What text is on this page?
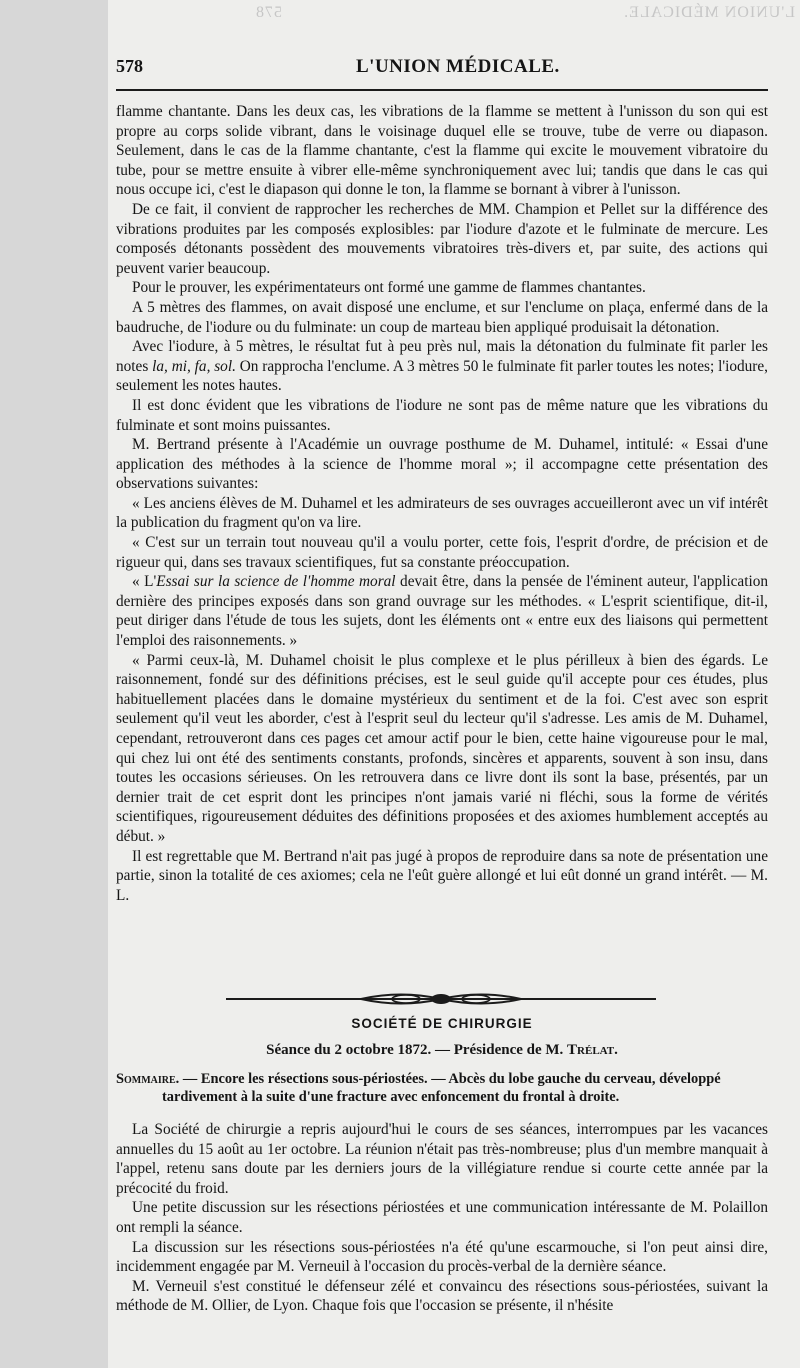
L'UNION MÉDICALE.
578
578	L'UNION MÉDICALE.

flamme chantante. Dans les deux cas, les vibrations de la flamme se mettent à l'unisson du son qui est propre au corps solide vibrant, dans le voisinage duquel elle se trouve, tube de verre ou diapason. Seulement, dans le cas de la flamme chantante, c'est la flamme qui excite le mouvement vibratoire du tube, pour se mettre ensuite à vibrer elle-même synchroniquement avec lui; tandis que dans le cas qui nous occupe ici, c'est le diapason qui donne le ton, la flamme se bornant à vibrer à l'unisson.

De ce fait, il convient de rapprocher les recherches de MM. Champion et Pellet sur la différence des vibrations produites par les composés explosibles: par l'iodure d'azote et le fulminate de mercure. Les composés détonants possèdent des mouvements vibratoires très-divers et, par suite, des actions qui peuvent varier beaucoup.

Pour le prouver, les expérimentateurs ont formé une gamme de flammes chantantes.

A 5 mètres des flammes, on avait disposé une enclume, et sur l'enclume on plaça, enfermé dans de la baudruche, de l'iodure ou du fulminate: un coup de marteau bien appliqué produisait la détonation.

Avec l'iodure, à 5 mètres, le résultat fut à peu près nul, mais la détonation du fulminate fit parler les notes la, mi, fa, sol. On rapprocha l'enclume. A 3 mètres 50 le fulminate fit parler toutes les notes; l'iodure, seulement les notes hautes.

Il est donc évident que les vibrations de l'iodure ne sont pas de même nature que les vibrations du fulminate et sont moins puissantes.

M. Bertrand présente à l'Académie un ouvrage posthume de M. Duhamel, intitulé: « Essai d'une application des méthodes à la science de l'homme moral »; il accompagne cette présentation des observations suivantes:

« Les anciens élèves de M. Duhamel et les admirateurs de ses ouvrages accueilleront avec un vif intérêt la publication du fragment qu'on va lire.

« C'est sur un terrain tout nouveau qu'il a voulu porter, cette fois, l'esprit d'ordre, de précision et de rigueur qui, dans ses travaux scientifiques, fut sa constante préoccupation.

« L'Essai sur la science de l'homme moral devait être, dans la pensée de l'éminent auteur, l'application dernière des principes exposés dans son grand ouvrage sur les méthodes. « L'esprit scientifique, dit-il, peut diriger dans l'étude de tous les sujets, dont les éléments ont « entre eux des liaisons qui permettent l'emploi des raisonnements. »

« Parmi ceux-là, M. Duhamel choisit le plus complexe et le plus périlleux à bien des égards. Le raisonnement, fondé sur des définitions précises, est le seul guide qu'il accepte pour ces études, plus habituellement placées dans le domaine mystérieux du sentiment et de la foi. C'est avec son esprit seulement qu'il veut les aborder, c'est à l'esprit seul du lecteur qu'il s'adresse. Les amis de M. Duhamel, cependant, retrouveront dans ces pages cet amour actif pour le bien, cette haine vigoureuse pour le mal, qui chez lui ont été des sentiments constants, profonds, sincères et apparents, souvent à son insu, dans toutes les occasions sérieuses. On les retrouvera dans ce livre dont ils sont la base, présentés, par un dernier trait de cet esprit dont les principes n'ont jamais varié ni fléchi, sous la forme de vérités scientifiques, rigoureusement déduites des définitions proposées et des axiomes humblement acceptés au début. »

Il est regrettable que M. Bertrand n'ait pas jugé à propos de reproduire dans sa note de présentation une partie, sinon la totalité de ces axiomes; cela ne l'eût guère allongé et lui eût donné un grand intérêt. — M. L.

SOCIÉTÉ DE CHIRURGIE
Séance du 2 octobre 1872. — Présidence de M. Trélat.
Sommaire. — Encore les résections sous-périostées. — Abcès du lobe gauche du cerveau, développé
tardivement à la suite d'une fracture avec enfoncement du frontal à droite.

La Société de chirurgie a repris aujourd'hui le cours de ses séances, interrompues par les vacances annuelles du 15 août au 1er octobre. La réunion n'était pas très-nombreuse; plus d'un membre manquait à l'appel, retenu sans doute par les derniers jours de la villégiature rendue si courte cette année par la précocité du froid.

Une petite discussion sur les résections périostées et une communication intéressante de M. Polaillon ont rempli la séance.

La discussion sur les résections sous-périostées n'a été qu'une escarmouche, si l'on peut ainsi dire, incidemment engagée par M. Verneuil à l'occasion du procès-verbal de la dernière séance.

M. Verneuil s'est constitué le défenseur zélé et convaincu des résections sous-périostées, suivant la méthode de M. Ollier, de Lyon. Chaque fois que l'occasion se présente, il n'hésite
